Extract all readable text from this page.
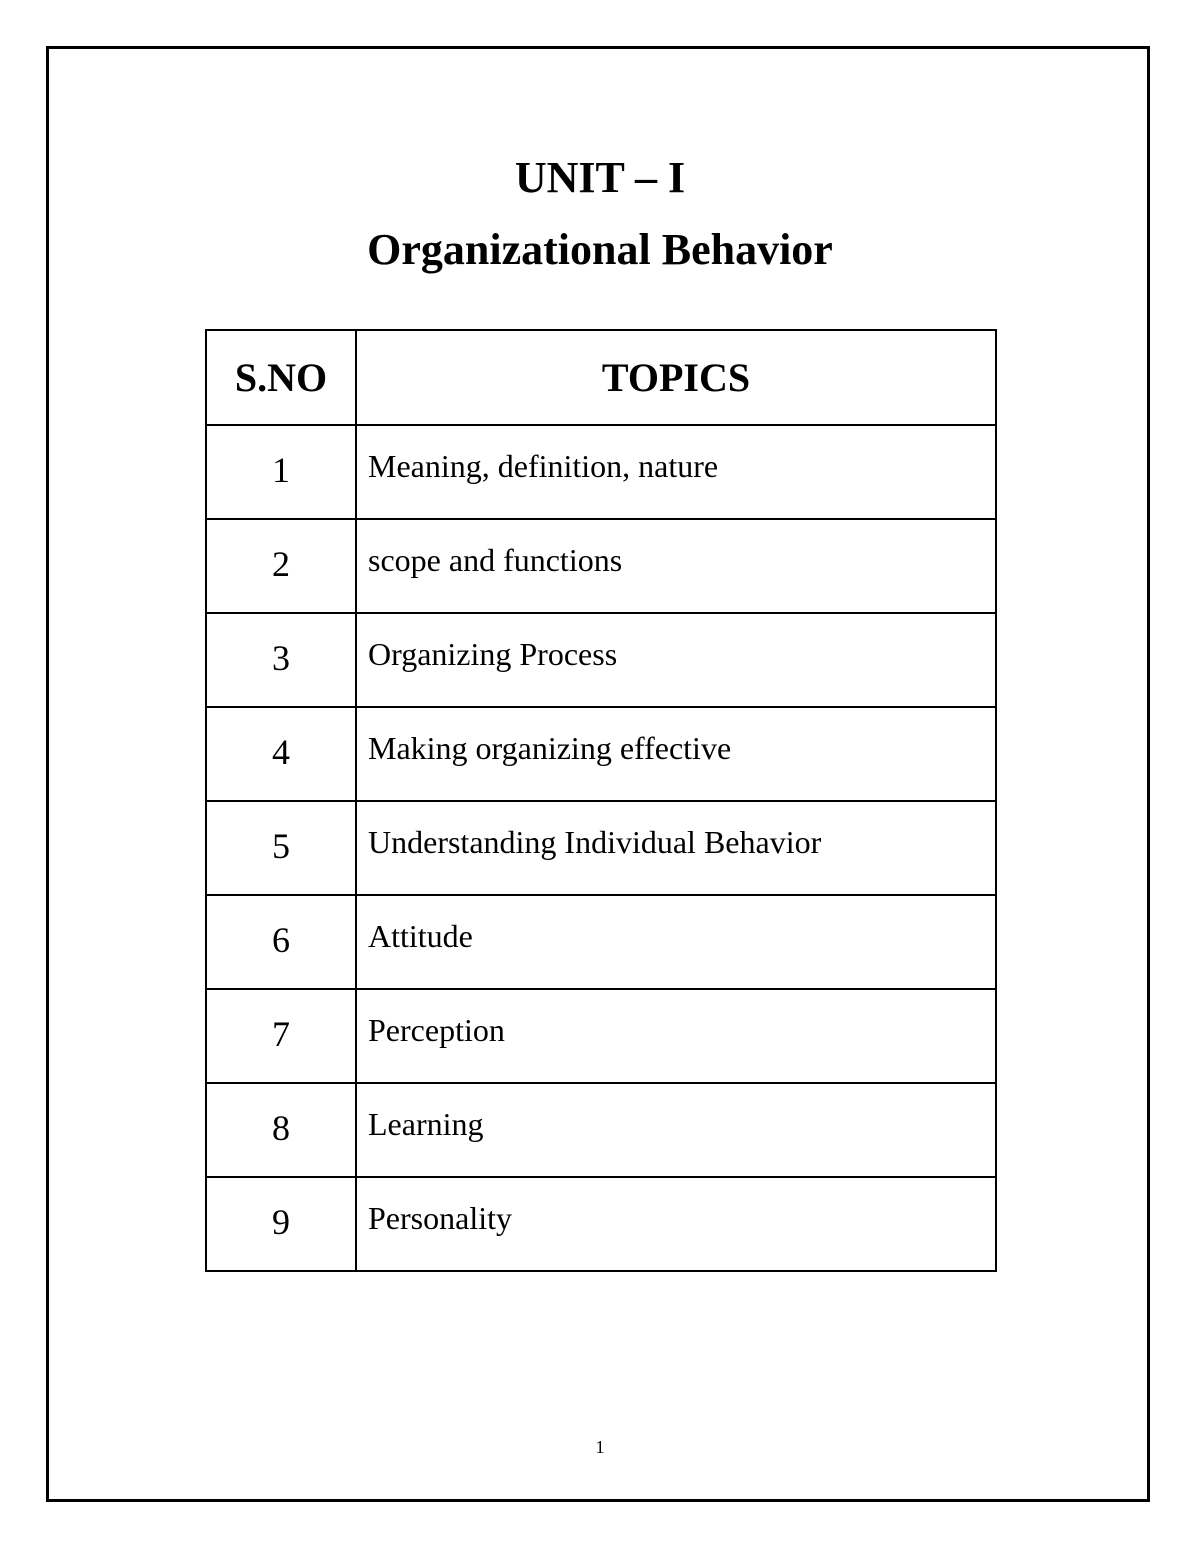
UNIT – I
Organizational Behavior
S.NO	TOPICS
1	Meaning, definition, nature
2	scope and functions
3	Organizing Process
4	Making organizing effective
5	Understanding Individual Behavior
6	Attitude
7	Perception
8	Learning
9	Personality
1
